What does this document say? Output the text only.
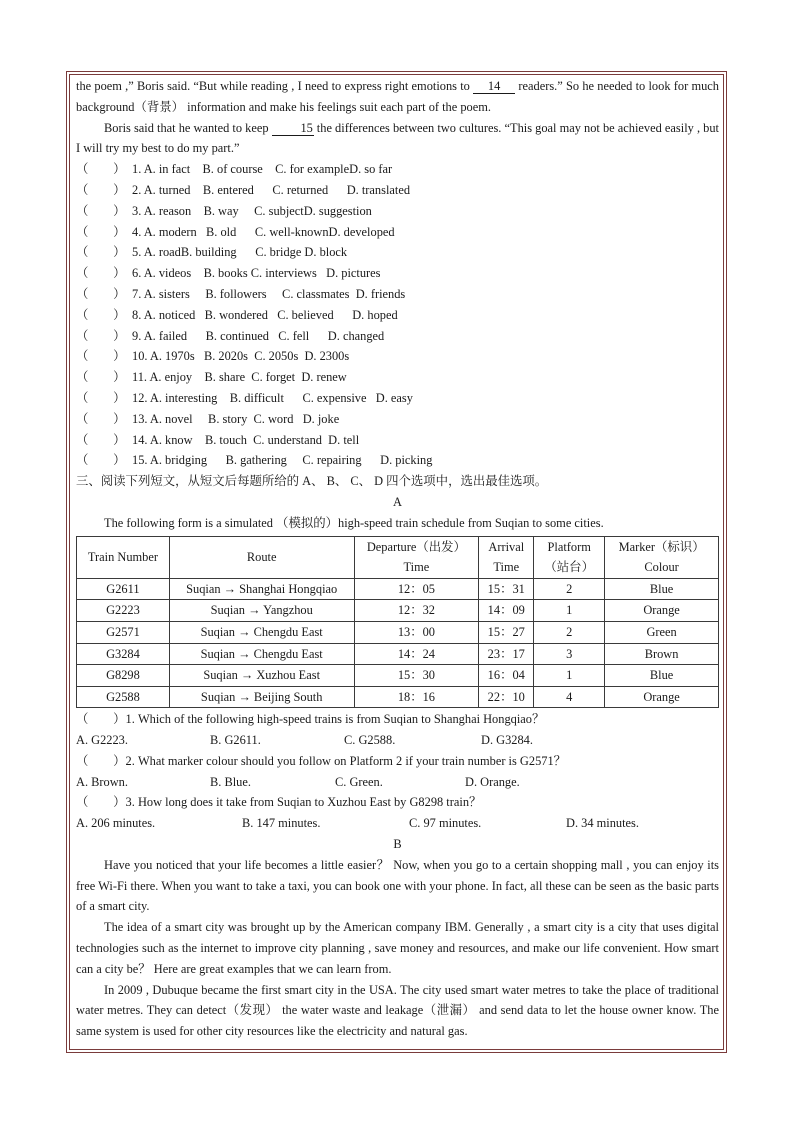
the poem ,” Boris said. “But while reading , I need to express right emotions to 14 readers.” So he needed to look for much background（背景） information and make his feelings suit each part of the poem.

Boris said that he wanted to keep 15 the differences between two cultures. “This goal may not be achieved easily , but I will try my best to do my part.”

（        ） 1. A. in fact    B. of course    C. for exampleD. so far

（        ） 2. A. turned    B. entered      C. returned      D. translated

（        ） 3. A. reason    B. way     C. subjectD. suggestion

（        ） 4. A. modern   B. old      C. well-knownD. developed

（        ） 5. A. roadB. building      C. bridge D. block

（        ） 6. A. videos    B. books C. interviews   D. pictures

（        ） 7. A. sisters     B. followers     C. classmates  D. friends

（        ） 8. A. noticed   B. wondered   C. believed      D. hoped

（        ） 9. A. failed      B. continued   C. fell      D. changed

（        ） 10. A. 1970s   B. 2020s  C. 2050s  D. 2300s

（        ） 11. A. enjoy    B. share  C. forget  D. renew

（        ） 12. A. interesting    B. difficult      C. expensive   D. easy

（        ） 13. A. novel     B. story  C. word   D. joke

（        ） 14. A. know    B. touch  C. understand  D. tell

（        ） 15. A. bridging      B. gathering     C. repairing      D. picking

三、阅读下列短文，从短文后每题所给的 A、 B、 C、 D 四个选项中，选出最佳选项。

A

The following form is a simulated （模拟的）high-speed train schedule from Suqian to some cities.

Train Number	Route	Departure（出发） Time	Arrival Time	Platform （站台）	Marker（标识） Colour
G2611	Suqian → Shanghai Hongqiao	12：05	15：31	2	Blue
G2223	Suqian → Yangzhou	12：32	14：09	1	Orange
G2571	Suqian → Chengdu East	13：00	15：27	2	Green
G3284	Suqian → Chengdu East	14：24	23：17	3	Brown
G8298	Suqian → Xuzhou East	15：30	16：04	1	Blue
G2588	Suqian → Beijing South	18：16	22：10	4	Orange

（        ）1. Which of the following high-speed trains is from Suqian to Shanghai Hongqiao？

A. G2223.	B. G2611.	C. G2588.	D. G3284.

（        ）2. What marker colour should you follow on Platform 2 if your train number is G2571？

A. Brown.	B. Blue.	C. Green.	D. Orange.

（        ）3. How long does it take from Suqian to Xuzhou East by G8298 train？

A. 206 minutes.	B. 147 minutes.	C. 97 minutes.	D. 34 minutes.

B

Have you noticed that your life becomes a little easier？ Now, when you go to a certain shopping mall , you can enjoy its free Wi-Fi there. When you want to take a taxi, you can book one with your phone. In fact, all these can be seen as the basic parts of a smart city.

The idea of a smart city was brought up by the American company IBM. Generally , a smart city is a city that uses digital technologies such as the internet to improve city planning , save money and resources, and make our life convenient. How smart can a city be？ Here are great examples that we can learn from.

In 2009 , Dubuque became the first smart city in the USA. The city used smart water metres to take the place of traditional water metres. They can detect（发现） the water waste and leakage（泄漏） and send data to let the house owner know. The same system is used for other city resources like the electricity and natural gas.
